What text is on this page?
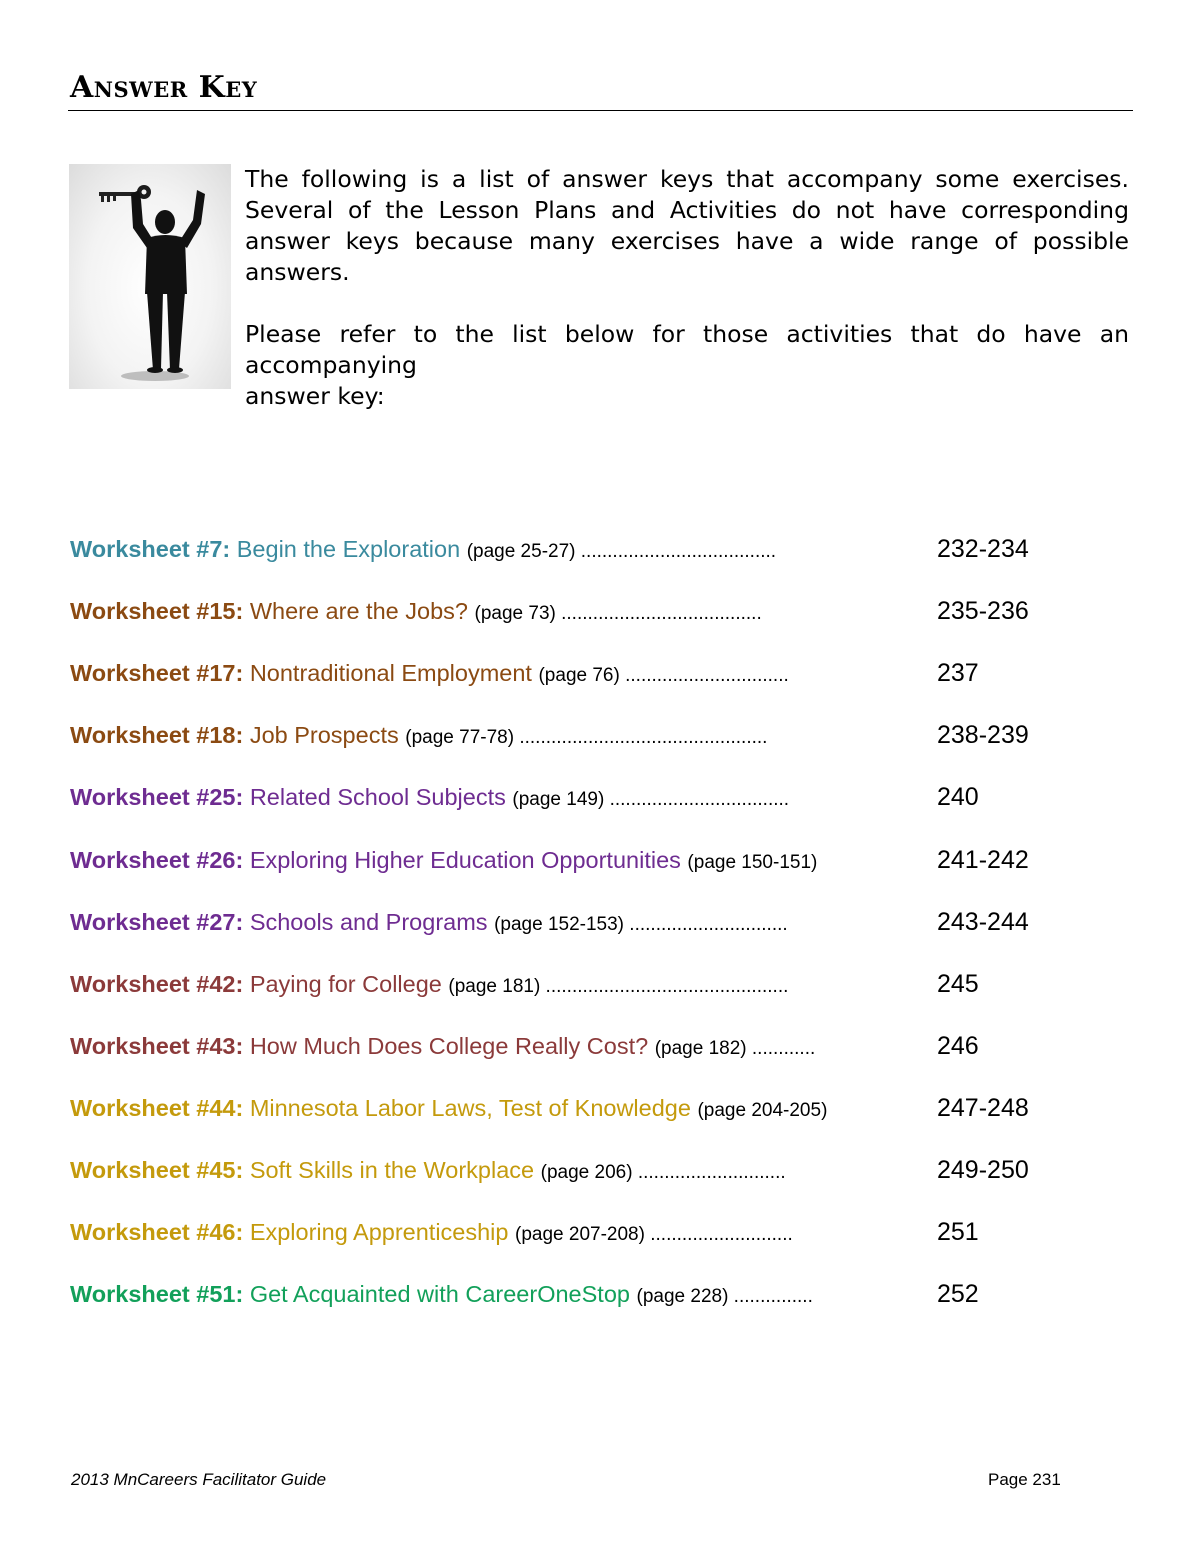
Answer Key

The following is a list of answer keys that accompany some exercises. Several of the Lesson Plans and Activities do not have corresponding answer keys because many exercises have a wide range of possible answers.

Please refer to the list below for those activities that do have an accompanying
answer key:

Worksheet #7: Begin the Exploration (page 25-27) .....................................	232-234
Worksheet #15: Where are the Jobs? (page 73) ......................................	235-236
Worksheet #17: Nontraditional Employment (page 76) ...............................	237
Worksheet #18: Job Prospects (page 77-78) ...............................................	238-239
Worksheet #25: Related School Subjects (page 149) ..................................	240
Worksheet #26: Exploring Higher Education Opportunities (page 150-151)	241-242
Worksheet #27: Schools and Programs (page 152-153) ..............................	243-244
Worksheet #42: Paying for College (page 181) ..............................................	245
Worksheet #43: How Much Does College Really Cost? (page 182) ............	246
Worksheet #44: Minnesota Labor Laws, Test of Knowledge (page 204-205)	247-248
Worksheet #45: Soft Skills in the Workplace (page 206) ............................	249-250
Worksheet #46: Exploring Apprenticeship (page 207-208) ...........................	251
Worksheet #51: Get Acquainted with CareerOneStop (page 228) ...............	252
2013 MnCareers Facilitator Guide	Page 231
